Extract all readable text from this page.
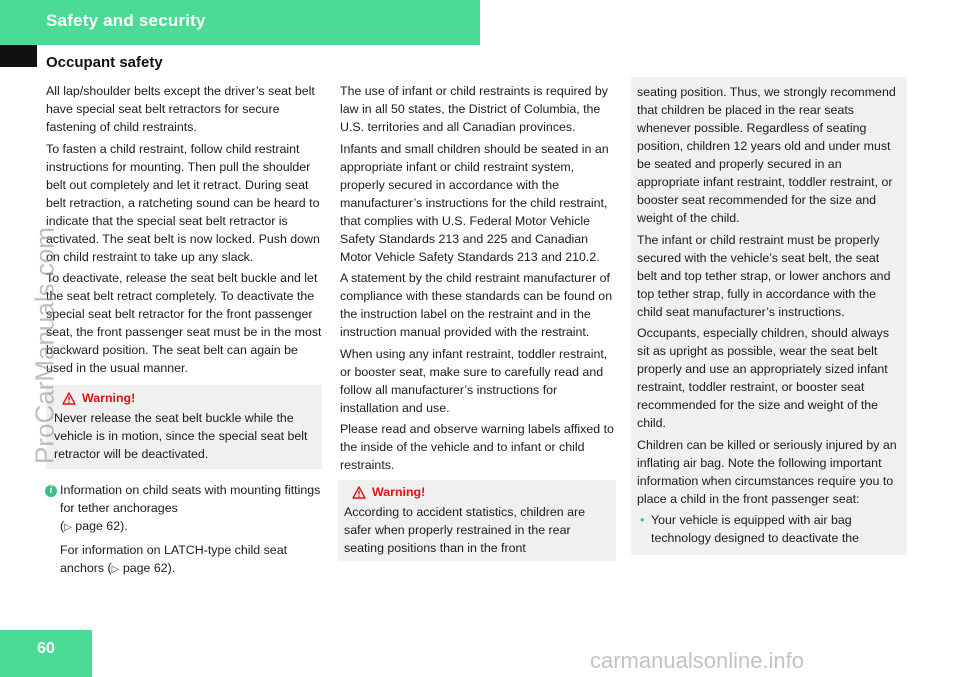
Safety and security
Occupant safety

All lap/shoulder belts except the driver’s seat belt have special seat belt retractors for secure fastening of child restraints.

To fasten a child restraint, follow child restraint instructions for mounting. Then pull the shoulder belt out completely and let it retract. During seat belt retraction, a ratcheting sound can be heard to indicate that the special seat belt retractor is activated. The seat belt is now locked. Push down on child restraint to take up any slack.

To deactivate, release the seat belt buckle and let the seat belt retract completely. To deactivate the special seat belt retractor for the front passenger seat, the front passenger seat must be in the most backward position. The seat belt can again be used in the usual manner.

Warning!
Never release the seat belt buckle while the vehicle is in motion, since the special seat belt retractor will be deactivated.
i Information on child seats with mounting fittings for tether anchorages
(▷ page 62).

For information on LATCH-type child seat anchors (▷ page 62).

The use of infant or child restraints is required by law in all 50 states, the District of Columbia, the U.S. territories and all Canadian provinces.

Infants and small children should be seated in an appropriate infant or child restraint system, properly secured in accordance with the manufacturer’s instructions for the child restraint, that complies with U.S. Federal Motor Vehicle Safety Standards 213 and 225 and Canadian Motor Vehicle Safety Standards 213 and 210.2.

A statement by the child restraint manufacturer of compliance with these standards can be found on the instruction label on the restraint and in the instruction manual provided with the restraint.

When using any infant restraint, toddler restraint, or booster seat, make sure to carefully read and follow all manufacturer’s instructions for installation and use.

Please read and observe warning labels affixed to the inside of the vehicle and to infant or child restraints.

Warning!
According to accident statistics, children are safer when properly restrained in the rear seating positions than in the front

seating position. Thus, we strongly recommend that children be placed in the rear seats whenever possible. Regardless of seating position, children 12 years old and under must be seated and properly secured in an appropriate infant restraint, toddler restraint, or booster seat recommended for the size and weight of the child.

The infant or child restraint must be properly secured with the vehicle’s seat belt, the seat belt and top tether strap, or lower anchors and top tether strap, fully in accordance with the child seat manufacturer’s instructions.

Occupants, especially children, should always sit as upright as possible, wear the seat belt properly and use an appropriately sized infant restraint, toddler restraint, or booster seat recommended for the size and weight of the child.

Children can be killed or seriously injured by an inflating air bag. Note the following important information when circumstances require you to place a child in the front passenger seat:

• Your vehicle is equipped with air bag technology designed to deactivate the

60
ProCarManuals.com
carmanualsonline.info
